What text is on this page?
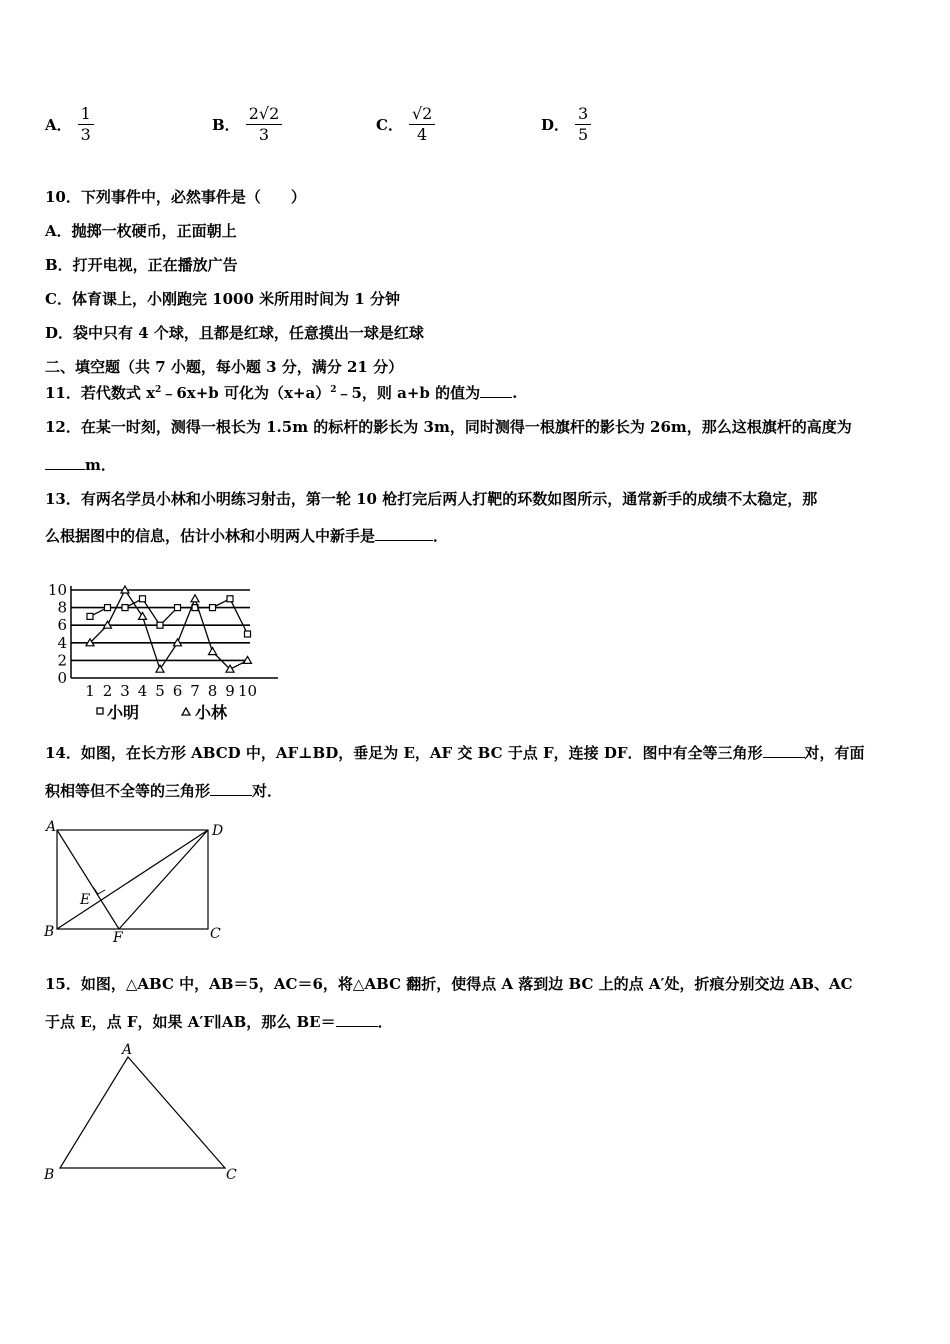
A． $\frac{1}{3}$	B． $\frac{2√2}{3}$	C． $\frac{√2}{4}$	D． $\frac{3}{5}$
10．下列事件中，必然事件是（　　）
A．抛掷一枚硬币，正面朝上
B．打开电视，正在播放广告
C．体育课上，小刚跑完 1000 米所用时间为 1 分钟
D．袋中只有 4 个球，且都是红球，任意摸出一球是红球
二、填空题（共 7 小题，每小题 3 分，满分 21 分）
11．若代数式 $x^2﹣6x+b$ 可化为$(x+a)^2﹣5$，则 a+b 的值为 .
12．在某一时刻，测得一根长为 1.5m 的标杆的影长为 3m，同时测得一根旗杆的影长为 26m，那么这根旗杆的高度为
m．
13．有两名学员小林和小明练习射击，第一轮 10 枪打完后两人打靶的环数如图所示，通常新手的成绩不太稳定，那
么根据图中的信息，估计小林和小明两人中新手是	．
0
2
4
6
8
10
1 2 3 4 5 6 7 8 9 10
小明	小林
14．如图，在长方形 ABCD 中，AF⊥BD，垂足为 E，AF 交 BC 于点 F，连接 DF．图中有全等三角形	对，有面
积相等但不全等的三角形	对．
A	D
B	C
E
F
15．如图，△ABC 中，AB＝5，AC＝6，将△ABC 翻折，使得点 A 落到边 BC 上的点 A′处，折痕分别交边 AB、AC
于点 E，点 F，如果 A′F∥AB，那么 BE＝	．
A
B	C
